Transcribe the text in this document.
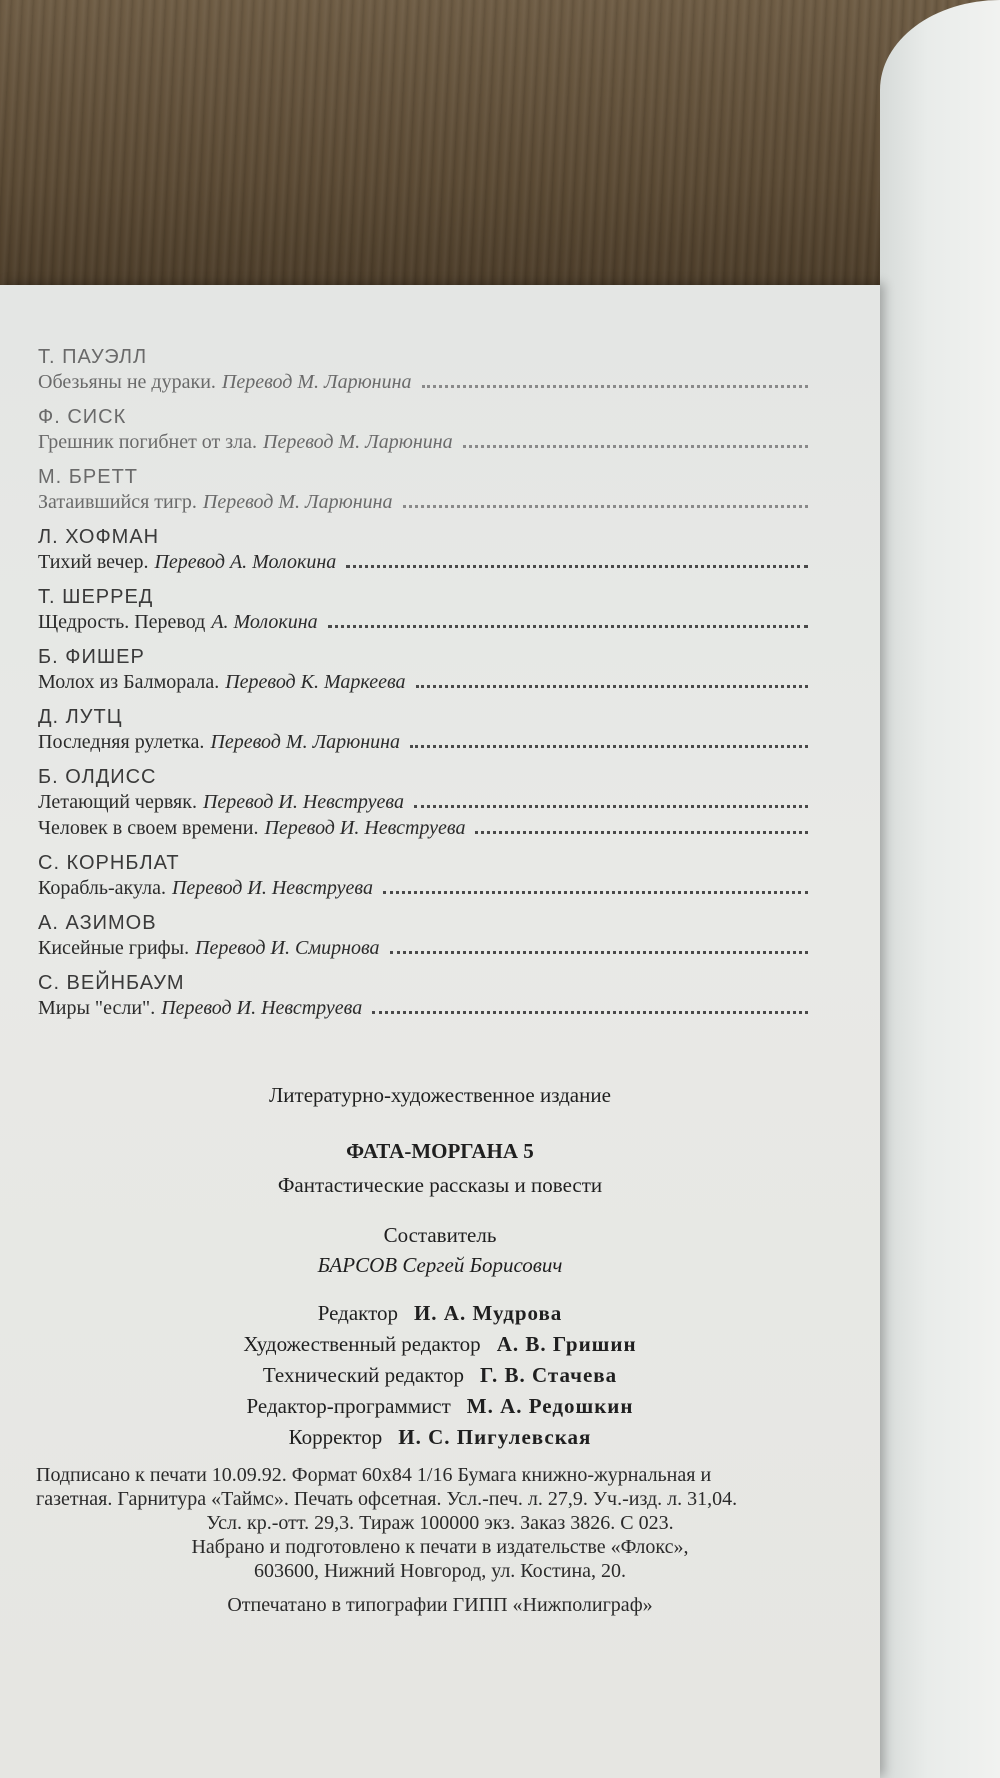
Т. ПАУЭЛЛ
Обезьяны не дураки. Перевод М. Ларюнина
Ф. СИСК
Грешник погибнет от зла. Перевод М. Ларюнина
М. БРЕТТ
Затаившийся тигр. Перевод М. Ларюнина
Л. ХОФМАН
Тихий вечер. Перевод А. Молокина
Т. ШЕРРЕД
Щедрость. Перевод А. Молокина
Б. ФИШЕР
Молох из Балморала. Перевод К. Маркеева
Д. ЛУТЦ
Последняя рулетка. Перевод М. Ларюнина
Б. ОЛДИСС
Летающий червяк. Перевод И. Невструева
Человек в своем времени. Перевод И. Невструева
С. КОРНБЛАТ
Корабль-акула. Перевод И. Невструева
А. АЗИМОВ
Кисейные грифы. Перевод И. Смирнова
С. ВЕЙНБАУМ
Миры "если". Перевод И. Невструева
Литературно-художественное издание
ФАТА-МОРГАНА 5
Фантастические рассказы и повести
Составитель
БАРСОВ Сергей Борисович
Редактор И. А. Мудрова
Художественный редактор А. В. Гришин
Технический редактор Г. В. Стачева
Редактор-программист М. А. Редошкин
Корректор И. С. Пигулевская
Подписано к печати 10.09.92. Формат 60х84 1/16 Бумага книжно-журнальная и
газетная. Гарнитура «Таймс». Печать офсетная. Усл.-печ. л. 27,9. Уч.-изд. л. 31,04.
Усл. кр.-отт. 29,3. Тираж 100000 экз. Заказ 3826. С 023.
Набрано и подготовлено к печати в издательстве «Флокс»,
603600, Нижний Новгород, ул. Костина, 20.
Отпечатано в типографии ГИПП «Нижполиграф»
